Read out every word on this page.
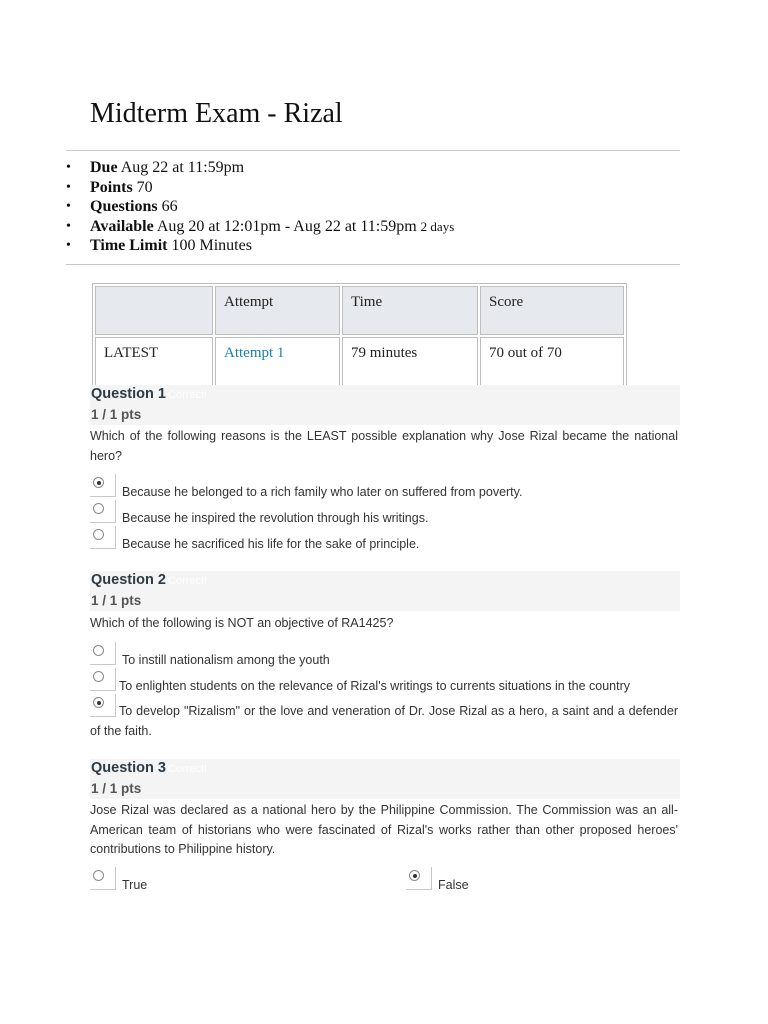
Midterm Exam - Rizal
• Due Aug 22 at 11:59pm
• Points 70
• Questions 66
• Available Aug 20 at 12:01pm - Aug 22 at 11:59pm 2 days
• Time Limit 100 Minutes
	Attempt	Time	Score
LATEST	Attempt 1	79 minutes	70 out of 70
Question 1 Correct!
1 / 1 pts

Which of the following reasons is the LEAST possible explanation why Jose Rizal became the national hero?

Because he belonged to a rich family who later on suffered from poverty.
Because he inspired the revolution through his writings.
Because he sacrificed his life for the sake of principle.
Question 2 Correct!
1 / 1 pts

Which of the following is NOT an objective of RA1425?

To instill nationalism among the youth
To enlighten students on the relevance of Rizal's writings to currents situations in the country
To develop "Rizalism" or the love and veneration of Dr. Jose Rizal as a hero, a saint and a defender of the faith.
Question 3 Correct!
1 / 1 pts

Jose Rizal was declared as a national hero by the Philippine Commission. The Commission was an all-American team of historians who were fascinated of Rizal's works rather than other proposed heroes' contributions to Philippine history.

True	False
